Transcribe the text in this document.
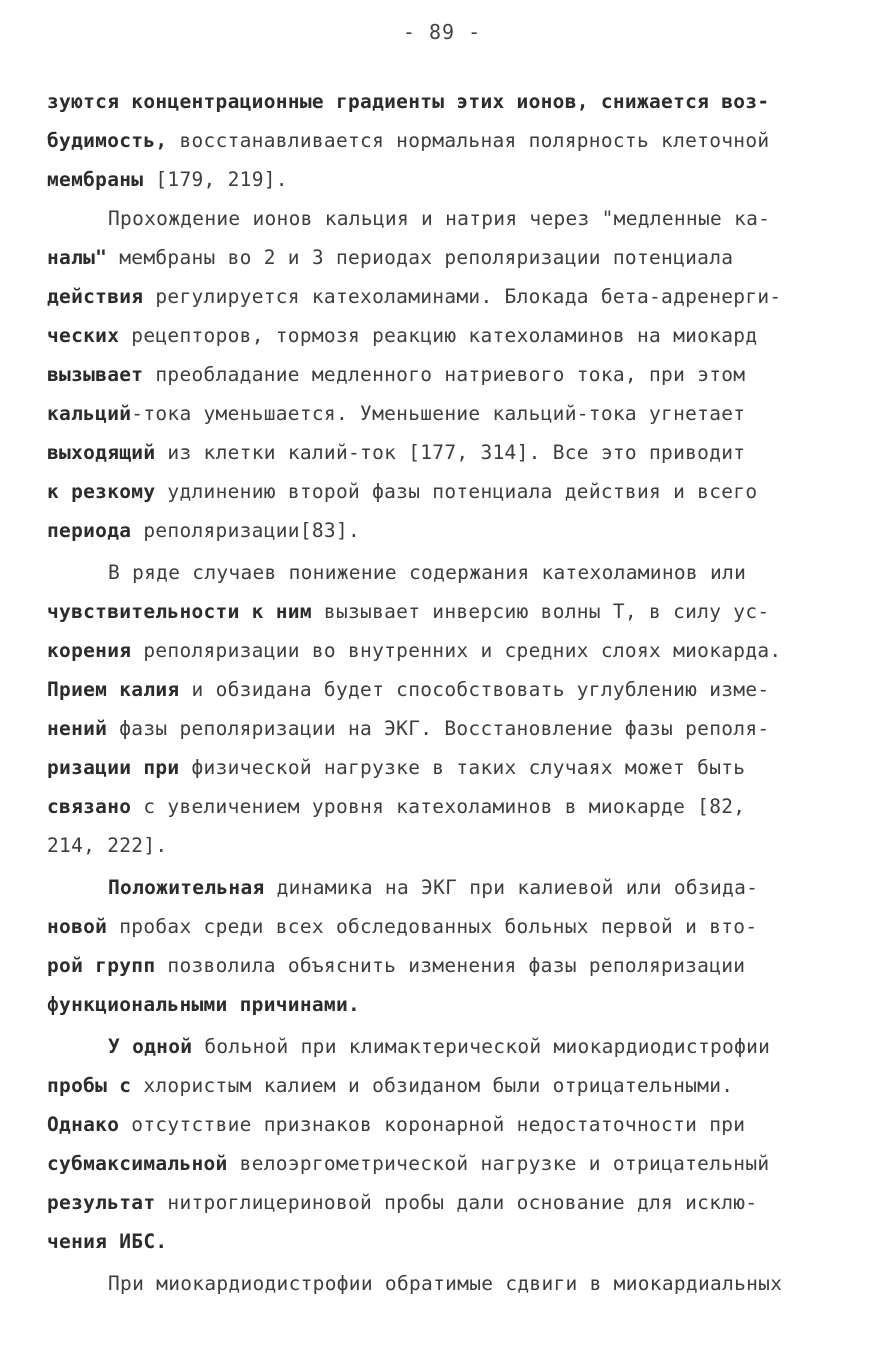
- 89 -
зуются концентрационные градиенты этих ионов, снижается воз-
будимость, восстанавливается нормальная полярность клеточной
мембраны [179, 219].
Прохождение ионов кальция и натрия через "медленные ка-
налы" мембраны во 2 и 3 периодах реполяризации потенциала
действия регулируется катехоламинами. Блокада бета-адренерги-
ческих рецепторов, тормозя реакцию катехоламинов на миокард
вызывает преобладание медленного натриевого тока, при этом
кальций-тока уменьшается. Уменьшение кальций-тока угнетает
выходящий из клетки калий-ток [177, 314]. Все это приводит
к резкому удлинению второй фазы потенциала действия и всего
периода реполяризации[83].
В ряде случаев понижение содержания катехоламинов или
чувствительности к ним вызывает инверсию волны Т, в силу ус-
корения реполяризации во внутренних и средних слоях миокарда.
Прием калия и обзидана будет способствовать углублению изме-
нений фазы реполяризации на ЭКГ. Восстановление фазы реполя-
ризации при физической нагрузке в таких случаях может быть
связано с увеличением уровня катехоламинов в миокарде [82,
214, 222].
Положительная динамика на ЭКГ при калиевой или обзида-
новой пробах среди всех обследованных больных первой и вто-
рой групп позволила объяснить изменения фазы реполяризации
функциональными причинами.
У одной больной при климактерической миокардиодистрофии
пробы с хлористым калием и обзиданом были отрицательными.
Однако отсутствие признаков коронарной недостаточности при
субмаксимальной велоэргометрической нагрузке и отрицательный
результат нитроглицериновой пробы дали основание для исклю-
чения ИБС.
При миокардиодистрофии обратимые сдвиги в миокардиальных
